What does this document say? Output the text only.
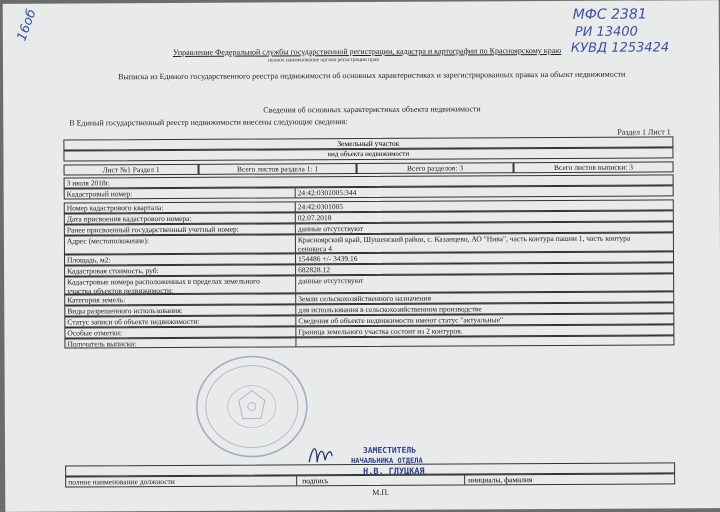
16об	МФС 2381
РИ 13400
КУВД 1253424
Управление Федеральной службы государственной регистрации, кадастра и картографии по Красноярскому краю
полное наименование органа регистрации прав
Выписка из Единого государственного реестра недвижимости об основных характеристиках и зарегистрированных правах на объект недвижимости
Сведения об основных характеристиках объекта недвижимости
В Единый государственный реестр недвижимости внесены следующие сведения:
Раздел 1 Лист 1
Земельный участок
вид объекта недвижимости
Лист №1 Раздел 1	Всего листов раздела 1: 1	Всего разделов: 3	Всего листов выписки: 3
3 июля 2018г.
Кадастровый номер:	24:42:0301005:344
Номер кадастрового квартала:	24:42:0301005
Дата присвоения кадастрового номера:	02.07.2018
Ранее присвоенный государственный учетный номер:	данные отсутствуют
Адрес (местоположение):	Красноярский край, Шушенский район, с. Казанцево, АО "Нива", часть контура пашни 1, часть контура
сенокоса 4
Площадь, м2:	154486 +/- 3439.16
Кадастровая стоимость, руб:	682828.12
Кадастровые номера расположенных в пределах земельного
участка объектов недвижимости:
данные отсутствуют
Категория земель:	Земли сельскохозяйственного назначения
Виды разрешенного использования:	для использования в сельскохозяйственном производстве
Статус записи об объекте недвижимости:	Сведения об объекте недвижимости имеют статус "актуальные"
Особые отметки:	Граница земельного участка состоит из 2 контуров.
Получатель выписки:
ЗАМЕСТИТЕЛЬ
НАЧАЛЬНИКА ОТДЕЛА
Н.В. ГЛУЦКАЯ
полное наименование должности	подпись	инициалы, фамилия
М.П.
